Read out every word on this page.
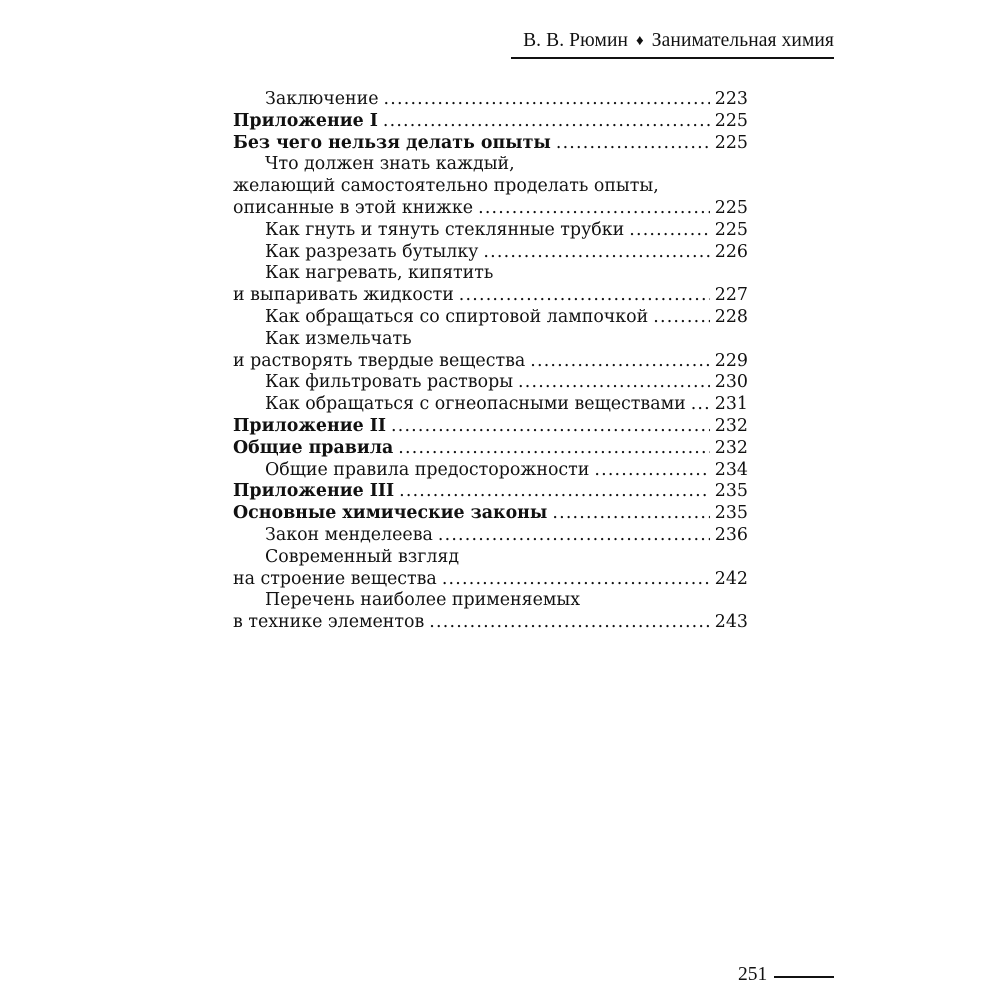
В. В. Рюмин ♦ Занимательная химия
Заключение .....	223
Приложение I .....	225
Без чего нельзя делать опыты .....	225
Что должен знать каждый,
желающий самостоятельно проделать опыты,
описанные в этой книжке .....	225
Как гнуть и тянуть стеклянные трубки .....	225
Как разрезать бутылку .....	226
Как нагревать, кипятить
и выпаривать жидкости .....	227
Как обращаться со спиртовой лампочкой .....	228
Как измельчать
и растворять твердые вещества .....	229
Как фильтровать растворы .....	230
Как обращаться с огнеопасными веществами ..... 231
Приложение II .....	232
Общие правила .....	232
Общие правила предосторожности .....	234
Приложение III .....	235
Основные химические законы .....	235
Закон менделеева .....	236
Современный взгляд
на строение вещества .....	242
Перечень наиболее применяемых
в технике элементов .....	243
251
